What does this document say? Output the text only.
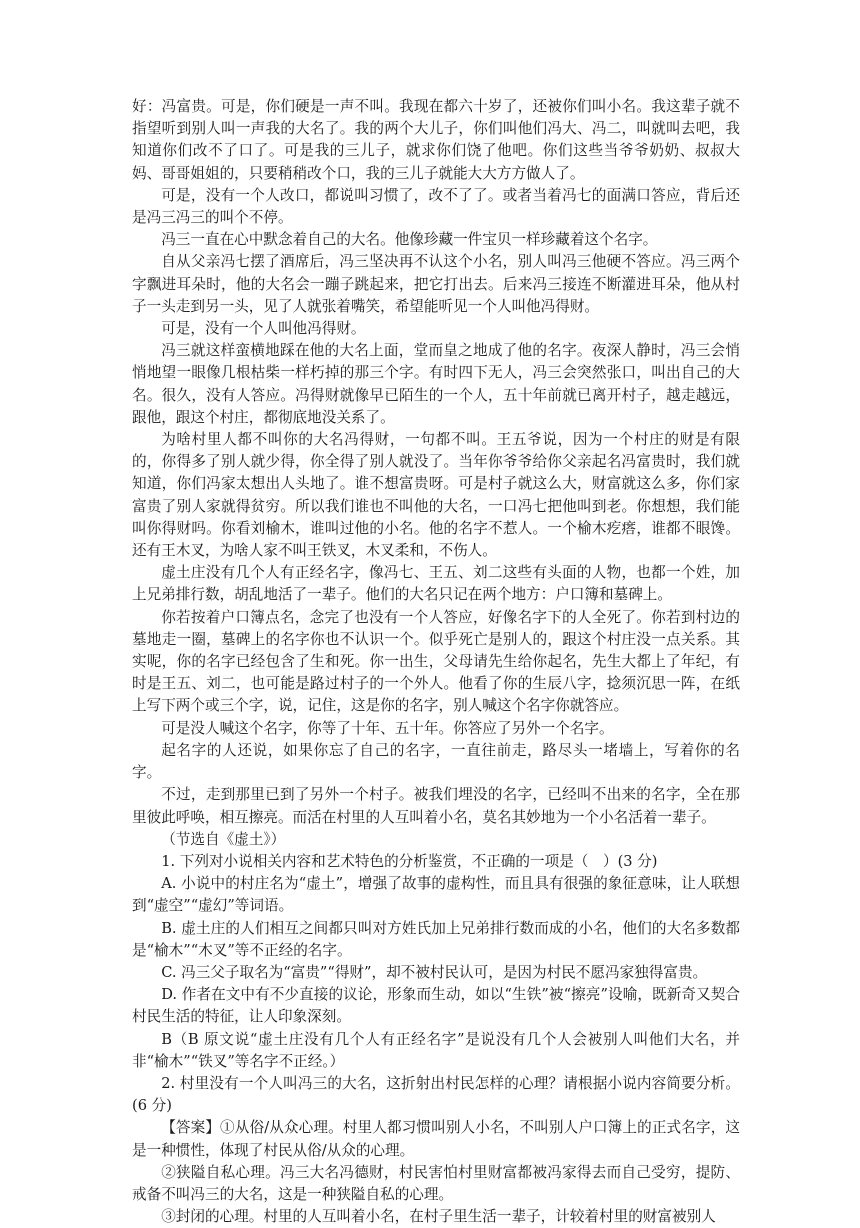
好：冯富贵。可是，你们硬是一声不叫。我现在都六十岁了，还被你们叫小名。我这辈子就不指望听到别人叫一声我的大名了。我的两个大儿子，你们叫他们冯大、冯二，叫就叫去吧，我知道你们改不了口了。可是我的三儿子，就求你们饶了他吧。你们这些当爷爷奶奶、叔叔大妈、哥哥姐姐的，只要稍稍改个口，我的三儿子就能大大方方做人了。

可是，没有一个人改口，都说叫习惯了，改不了了。或者当着冯七的面满口答应，背后还是冯三冯三的叫个不停。

冯三一直在心中默念着自己的大名。他像珍藏一件宝贝一样珍藏着这个名字。

自从父亲冯七摆了酒席后，冯三坚决再不认这个小名，别人叫冯三他硬不答应。冯三两个字飘进耳朵时，他的大名会一蹦子跳起来，把它打出去。后来冯三接连不断灌进耳朵，他从村子一头走到另一头，见了人就张着嘴笑，希望能听见一个人叫他冯得财。

可是，没有一个人叫他冯得财。

冯三就这样蛮横地踩在他的大名上面，堂而皇之地成了他的名字。夜深人静时，冯三会悄悄地望一眼像几根枯柴一样朽掉的那三个字。有时四下无人，冯三会突然张口，叫出自己的大名。很久，没有人答应。冯得财就像早已陌生的一个人，五十年前就已离开村子，越走越远，跟他，跟这个村庄，都彻底地没关系了。

为啥村里人都不叫你的大名冯得财，一句都不叫。王五爷说，因为一个村庄的财是有限的，你得多了别人就少得，你全得了别人就没了。当年你爷爷给你父亲起名冯富贵时，我们就知道，你们冯家太想出人头地了。谁不想富贵呀。可是村子就这么大，财富就这么多，你们家富贵了别人家就得贫穷。所以我们谁也不叫他的大名，一口冯七把他叫到老。你想想，我们能叫你得财吗。你看刘榆木，谁叫过他的小名。他的名字不惹人。一个榆木疙瘩，谁都不眼馋。还有王木叉，为啥人家不叫王铁叉，木叉柔和，不伤人。

虚土庄没有几个人有正经名字，像冯七、王五、刘二这些有头面的人物，也都一个姓，加上兄弟排行数，胡乱地活了一辈子。他们的大名只记在两个地方：户口簿和墓碑上。

你若按着户口簿点名，念完了也没有一个人答应，好像名字下的人全死了。你若到村边的墓地走一圈，墓碑上的名字你也不认识一个。似乎死亡是别人的，跟这个村庄没一点关系。其实呢，你的名字已经包含了生和死。你一出生，父母请先生给你起名，先生大都上了年纪，有时是王五、刘二，也可能是路过村子的一个外人。他看了你的生辰八字，捻须沉思一阵，在纸上写下两个或三个字，说，记住，这是你的名字，别人喊这个名字你就答应。

可是没人喊这个名字，你等了十年、五十年。你答应了另外一个名字。

起名字的人还说，如果你忘了自己的名字，一直往前走，路尽头一堵墙上，写着你的名字。

不过，走到那里已到了另外一个村子。被我们埋没的名字，已经叫不出来的名字，全在那里彼此呼唤，相互擦亮。而活在村里的人互叫着小名，莫名其妙地为一个小名活着一辈子。

（节选自《虚土》）

1. 下列对小说相关内容和艺术特色的分析鉴赏，不正确的一项是（　）(3 分)

A. 小说中的村庄名为“虚土”，增强了故事的虚构性，而且具有很强的象征意味，让人联想到“虚空”“虚幻”等词语。

B. 虚土庄的人们相互之间都只叫对方姓氏加上兄弟排行数而成的小名，他们的大名多数都是“榆木”“木叉”等不正经的名字。

C. 冯三父子取名为“富贵”“得财”，却不被村民认可，是因为村民不愿冯家独得富贵。

D. 作者在文中有不少直接的议论，形象而生动，如以“生铁”被“擦亮”设喻，既新奇又契合村民生活的特征，让人印象深刻。

B（B 原文说“虚土庄没有几个人有正经名字”是说没有几个人会被别人叫他们大名，并非“榆木”“铁叉”等名字不正经。）

2. 村里没有一个人叫冯三的大名，这折射出村民怎样的心理？请根据小说内容简要分析。(6 分)

【答案】①从俗/从众心理。村里人都习惯叫别人小名，不叫别人户口簿上的正式名字，这是一种惯性，体现了村民从俗/从众的心理。

②狭隘自私心理。冯三大名冯德财，村民害怕村里财富都被冯家得去而自己受穷，提防、戒备不叫冯三的大名，这是一种狭隘自私的心理。

③封闭的心理。村里的人互叫着小名，在村子里生活一辈子，计较着村里的财富被别人
